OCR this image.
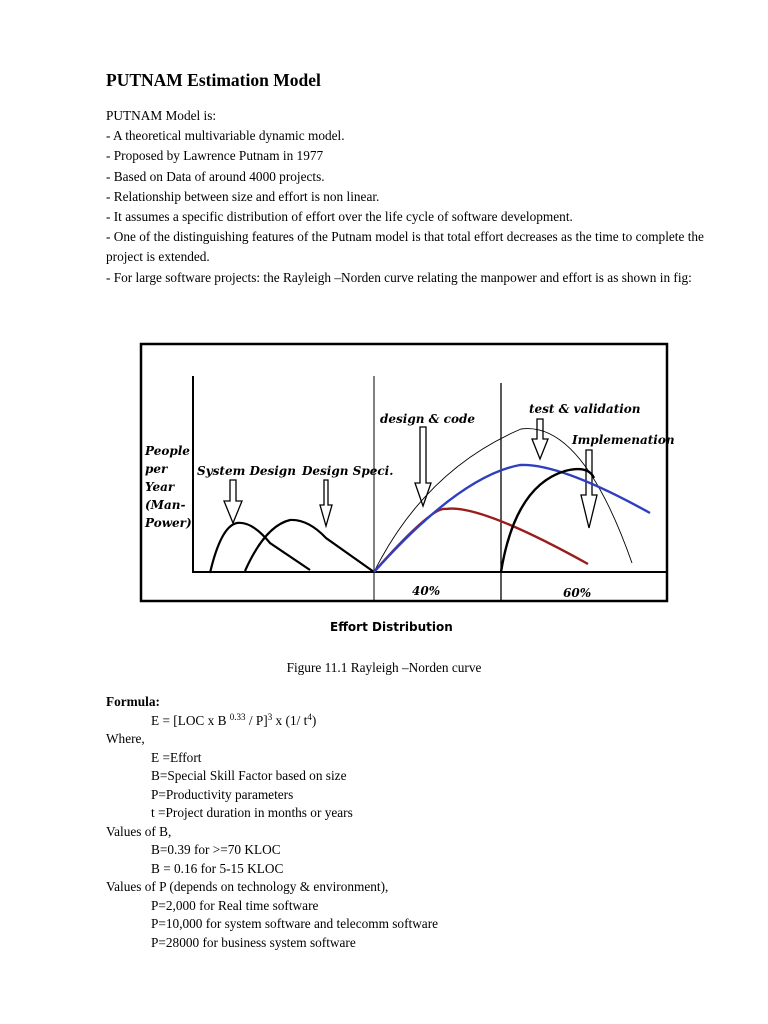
PUTNAM Estimation Model

PUTNAM Model is:

- A theoretical multivariable dynamic model.

- Proposed by Lawrence Putnam in 1977

- Based on Data of around 4000 projects.

- Relationship between size and effort is non linear.

- It assumes a specific distribution of effort over the life cycle of software development.

- One of the distinguishing features of the Putnam model is that total effort decreases as the time to complete the project is extended.

- For large software projects: the Rayleigh –Norden curve relating the manpower and effort is as shown in fig:

People
per
Year
(Man-
Power)
System Design Design Speci.
design & code
test & validation
Implemenation
40%	60%
Effort Distribution
Figure 11.1 Rayleigh –Norden curve
Formula:
E = [LOC x B $^{0.33}$ / P]$^3$ x (1/ $t^4$)
Where,
E =Effort
B=Special Skill Factor based on size
P=Productivity parameters
t =Project duration in months or years
Values of B,
B=0.39 for >=70 KLOC
B = 0.16 for 5-15 KLOC
Values of P (depends on technology & environment),
P=2,000 for Real time software
P=10,000 for system software and telecomm software
P=28000 for business system software
